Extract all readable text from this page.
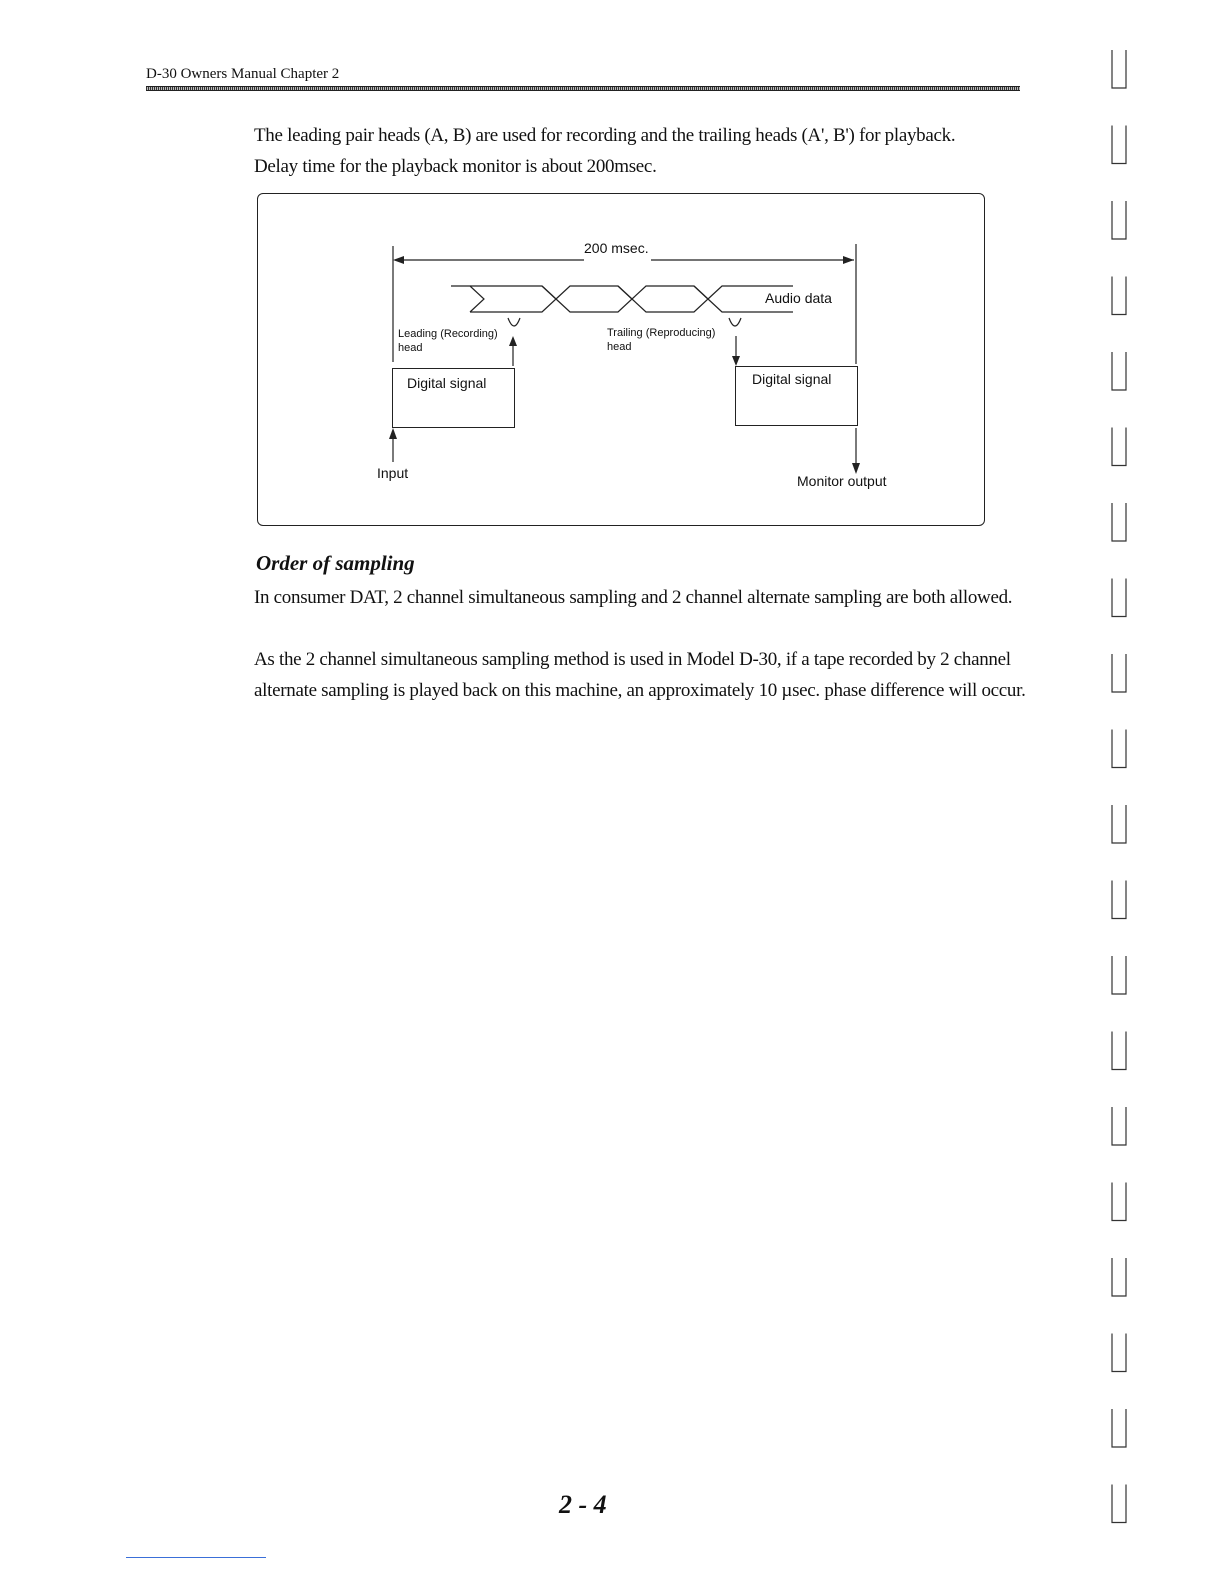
D-30 Owners Manual Chapter 2
The leading pair heads (A, B) are used for recording and the trailing heads (A', B') for playback. Delay time for the playback monitor is about 200msec.
200 msec.
Audio data
Leading (Recording)
head
Trailing (Reproducing)
head
Digital signal	Digital signal
Input	Monitor output
Order of sampling
In consumer DAT, 2 channel simultaneous sampling and 2 channel alternate sampling are both allowed.
As the 2 channel simultaneous sampling method is used in Model D-30, if a tape recorded by 2 channel alternate sampling is played back on this machine, an approximately 10 µsec. phase difference will occur.
2 - 4
